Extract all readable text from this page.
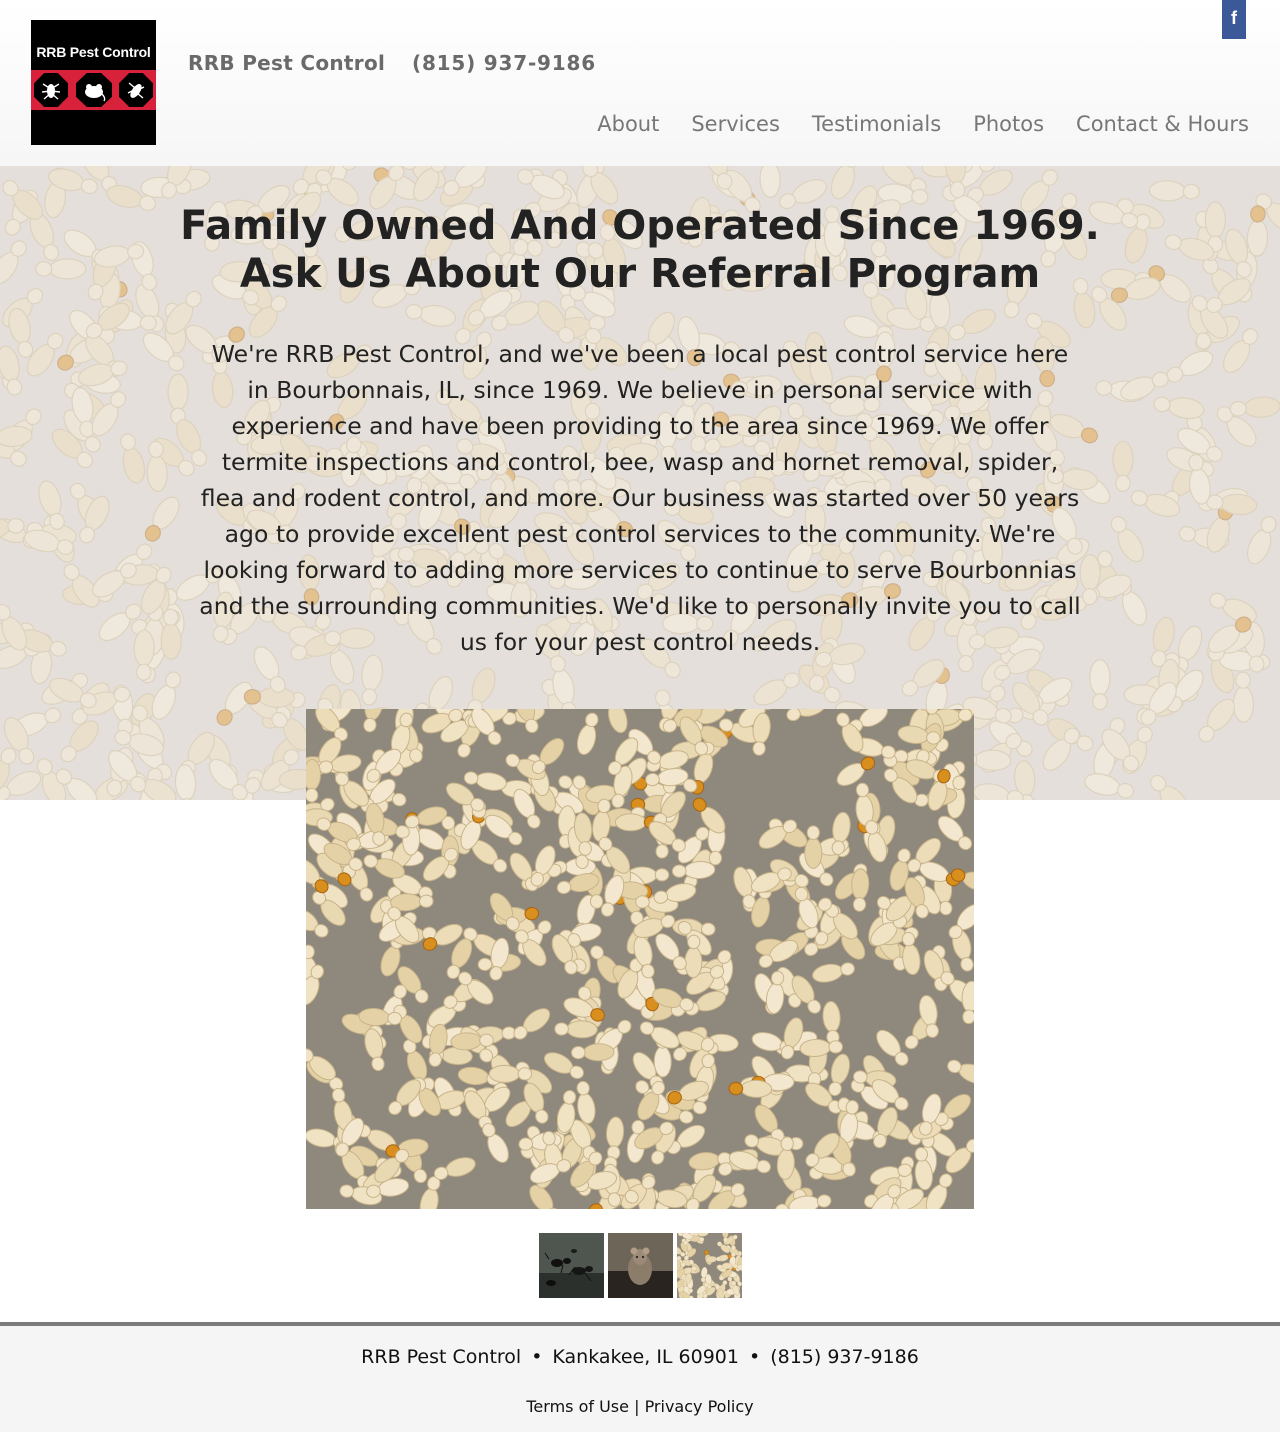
RRB Pest Control RRB Pest Control (815) 937-9186
f
About Services Testimonials Photos Contact & Hours
Family Owned And Operated Since 1969.
Ask Us About Our Referral Program

We're RRB Pest Control, and we've been a local pest control service here in Bourbonnais, IL, since 1969. We believe in personal service with experience and have been providing to the area since 1969. We offer termite inspections and control, bee, wasp and hornet removal, spider, flea and rodent control, and more. Our business was started over 50 years ago to provide excellent pest control services to the community. We're looking forward to adding more services to continue to serve Bourbonnias and the surrounding communities. We'd like to personally invite you to call us for your pest control needs.

RRB Pest Control • Kankakee, IL 60901 • (815) 937-9186
Terms of Use | Privacy Policy
